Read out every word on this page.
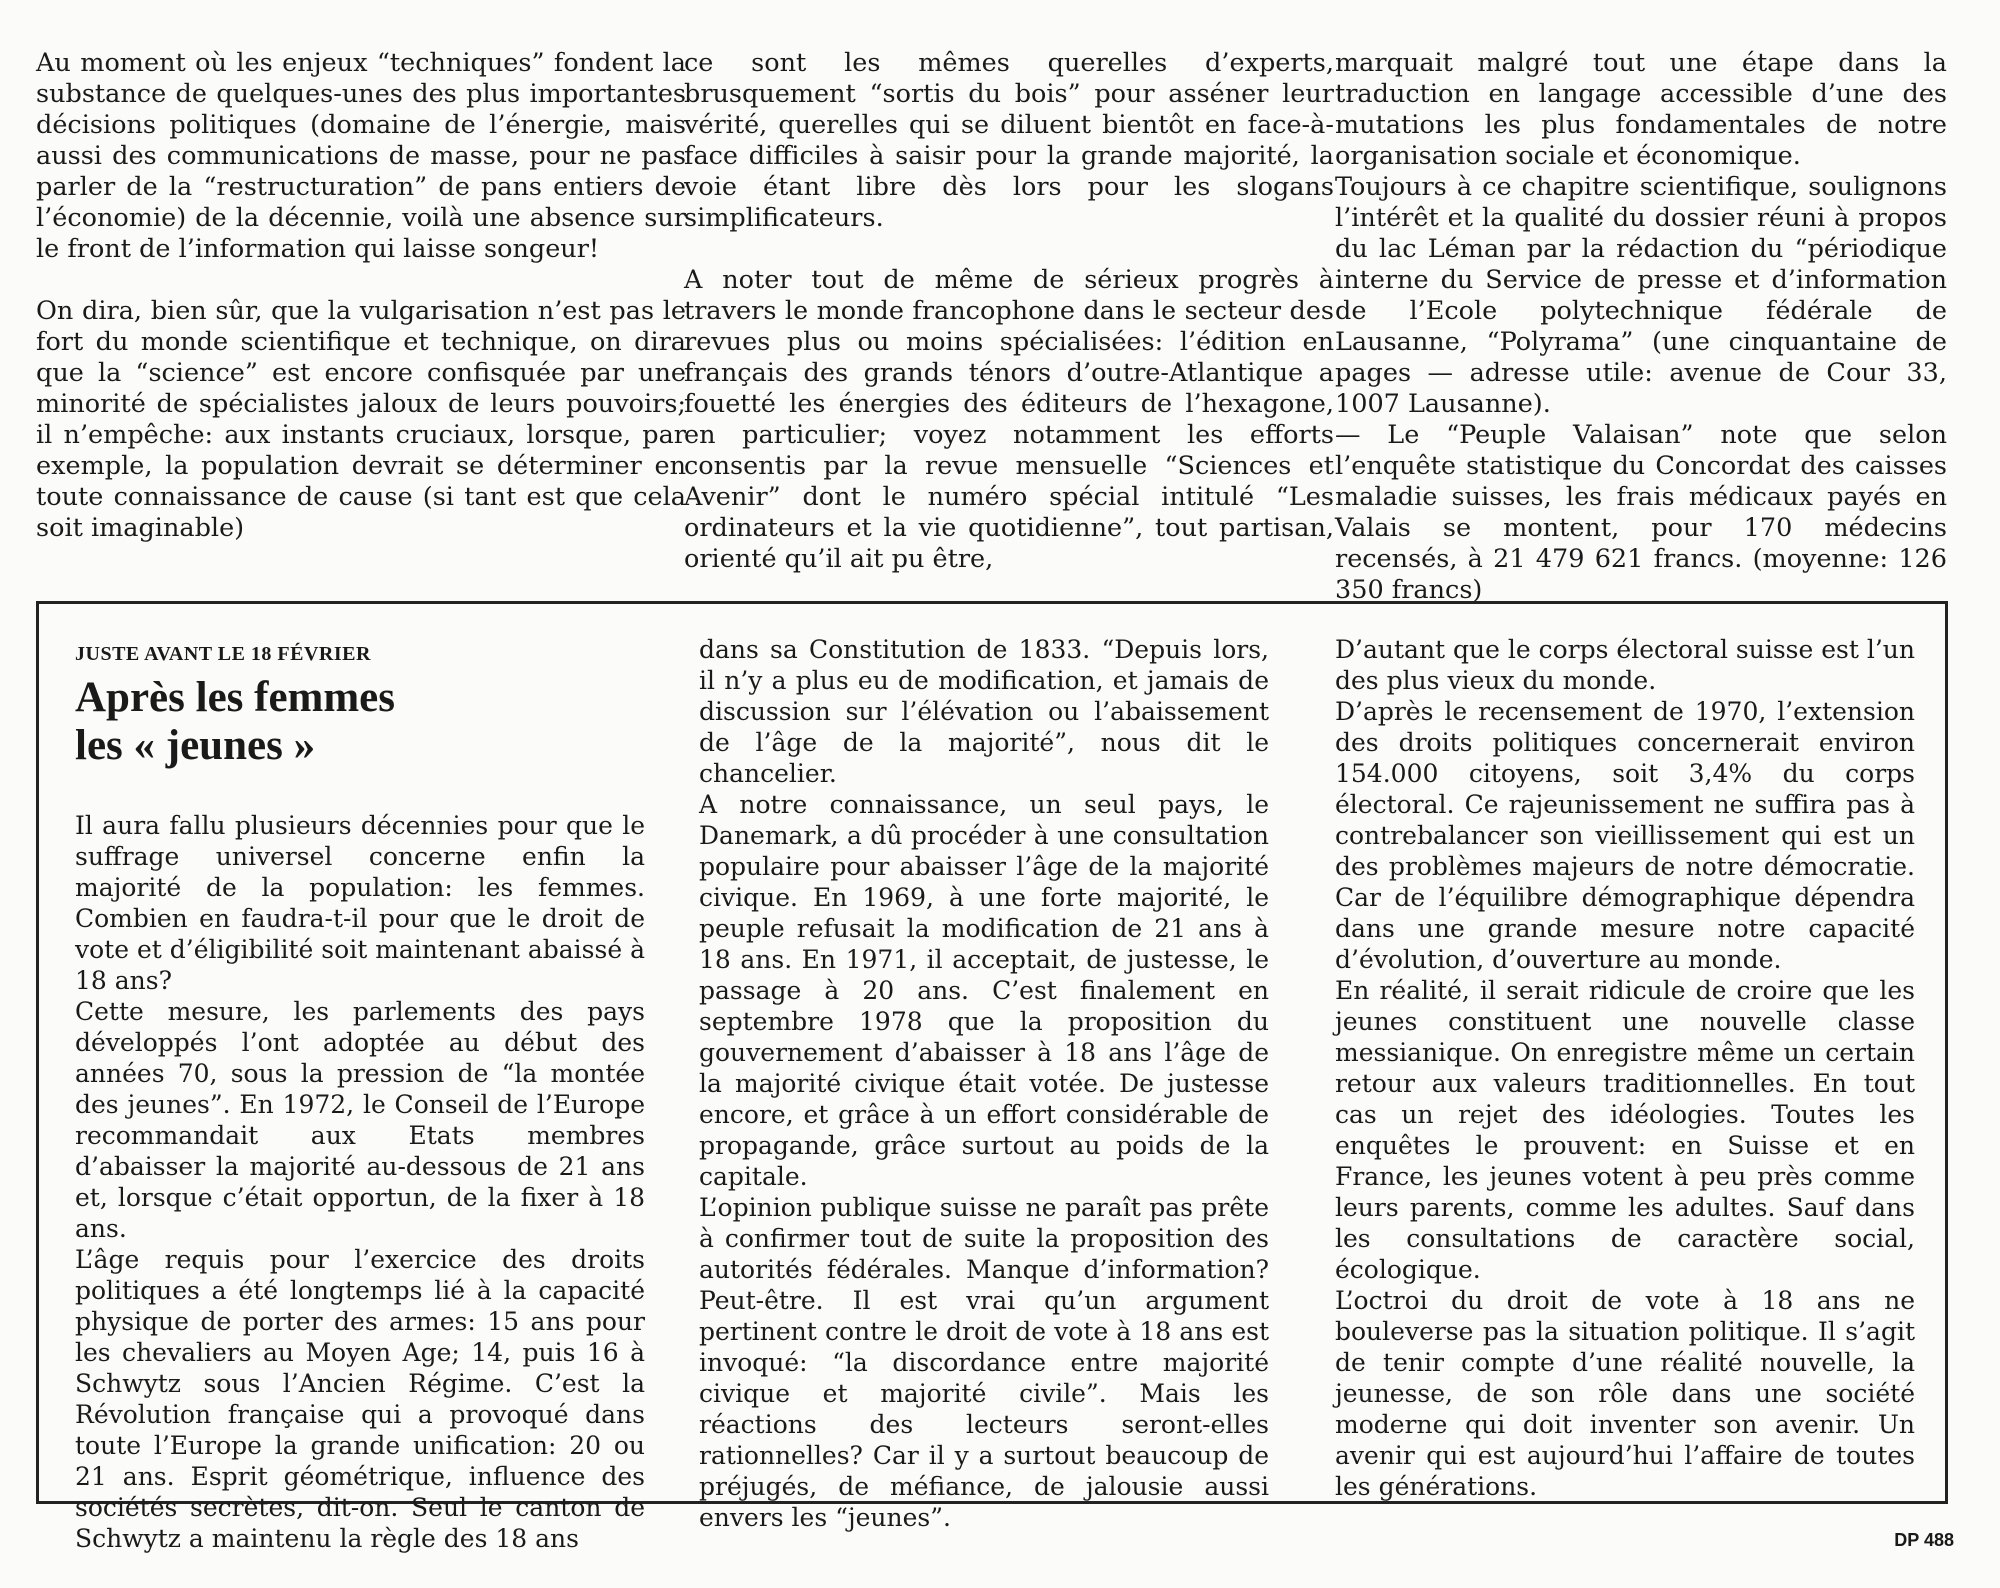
Au moment où les enjeux “techniques” fondent la substance de quelques-unes des plus importantes décisions politiques (domaine de l’énergie, mais aussi des communications de masse, pour ne pas parler de la “restructuration” de pans entiers de l’économie) de la décennie, voilà une absence sur le front de l’information qui laisse songeur!

On dira, bien sûr, que la vulgarisation n’est pas le fort du monde scientifique et technique, on dira que la “science” est encore confisquée par une minorité de spécialistes jaloux de leurs pouvoirs; il n’empêche: aux instants cruciaux, lorsque, par exemple, la population devrait se déterminer en toute connaissance de cause (si tant est que cela soit imaginable)

ce sont les mêmes querelles d’experts, brusquement “sortis du bois” pour asséner leur vérité, querelles qui se diluent bientôt en face-à-face difficiles à saisir pour la grande majorité, la voie étant libre dès lors pour les slogans simplificateurs.

A noter tout de même de sérieux progrès à travers le monde francophone dans le secteur des revues plus ou moins spécialisées: l’édition en français des grands ténors d’outre-Atlantique a fouetté les énergies des éditeurs de l’hexagone, en particulier; voyez notamment les efforts consentis par la revue mensuelle “Sciences et Avenir” dont le numéro spécial intitulé “Les ordinateurs et la vie quotidienne”, tout partisan, orienté qu’il ait pu être,

marquait malgré tout une étape dans la traduction en langage accessible d’une des mutations les plus fondamentales de notre organisation sociale et économique.

Toujours à ce chapitre scientifique, soulignons l’intérêt et la qualité du dossier réuni à propos du lac Léman par la rédaction du “périodique interne du Service de presse et d’information de l’Ecole polytechnique fédérale de Lausanne, “Polyrama” (une cinquantaine de pages — adresse utile: avenue de Cour 33, 1007 Lausanne).

— Le “Peuple Valaisan” note que selon l’enquête statistique du Concordat des caisses maladie suisses, les frais médicaux payés en Valais se montent, pour 170 médecins recensés, à 21 479 621 francs. (moyenne: 126 350 francs)

JUSTE AVANT LE 18 FÉVRIER
Après les femmes
les « jeunes »

Il aura fallu plusieurs décennies pour que le suffrage universel concerne enfin la majorité de la population: les femmes. Combien en faudra-t-il pour que le droit de vote et d’éligibilité soit maintenant abaissé à 18 ans?

Cette mesure, les parlements des pays développés l’ont adoptée au début des années 70, sous la pression de “la montée des jeunes”. En 1972, le Conseil de l’Europe recommandait aux Etats membres d’abaisser la majorité au-dessous de 21 ans et, lorsque c’était opportun, de la fixer à 18 ans.

L’âge requis pour l’exercice des droits politiques a été longtemps lié à la capacité physique de porter des armes: 15 ans pour les chevaliers au Moyen Age; 14, puis 16 à Schwytz sous l’Ancien Régime. C’est la Révolution française qui a provoqué dans toute l’Europe la grande unification: 20 ou 21 ans. Esprit géométrique, influence des sociétés secrètes, dit-on. Seul le canton de Schwytz a maintenu la règle des 18 ans

dans sa Constitution de 1833. “Depuis lors, il n’y a plus eu de modification, et jamais de discussion sur l’élévation ou l’abaissement de l’âge de la majorité”, nous dit le chancelier.

A notre connaissance, un seul pays, le Danemark, a dû procéder à une consultation populaire pour abaisser l’âge de la majorité civique. En 1969, à une forte majorité, le peuple refusait la modification de 21 ans à 18 ans. En 1971, il acceptait, de justesse, le passage à 20 ans. C’est finalement en septembre 1978 que la proposition du gouvernement d’abaisser à 18 ans l’âge de la majorité civique était votée. De justesse encore, et grâce à un effort considérable de propagande, grâce surtout au poids de la capitale.

L’opinion publique suisse ne paraît pas prête à confirmer tout de suite la proposition des autorités fédérales. Manque d’information? Peut-être. Il est vrai qu’un argument pertinent contre le droit de vote à 18 ans est invoqué: “la discordance entre majorité civique et majorité civile”. Mais les réactions des lecteurs seront-elles rationnelles? Car il y a surtout beaucoup de préjugés, de méfiance, de jalousie aussi envers les “jeunes”.

D’autant que le corps électoral suisse est l’un des plus vieux du monde.

D’après le recensement de 1970, l’extension des droits politiques concernerait environ 154.000 citoyens, soit 3,4% du corps électoral. Ce rajeunissement ne suffira pas à contrebalancer son vieillissement qui est un des problèmes majeurs de notre démocratie. Car de l’équilibre démographique dépendra dans une grande mesure notre capacité d’évolution, d’ouverture au monde.

En réalité, il serait ridicule de croire que les jeunes constituent une nouvelle classe messianique. On enregistre même un certain retour aux valeurs traditionnelles. En tout cas un rejet des idéologies. Toutes les enquêtes le prouvent: en Suisse et en France, les jeunes votent à peu près comme leurs parents, comme les adultes. Sauf dans les consultations de caractère social, écologique.

L’octroi du droit de vote à 18 ans ne bouleverse pas la situation politique. Il s’agit de tenir compte d’une réalité nouvelle, la jeunesse, de son rôle dans une société moderne qui doit inventer son avenir. Un avenir qui est aujourd’hui l’affaire de toutes les générations.

DP 488
